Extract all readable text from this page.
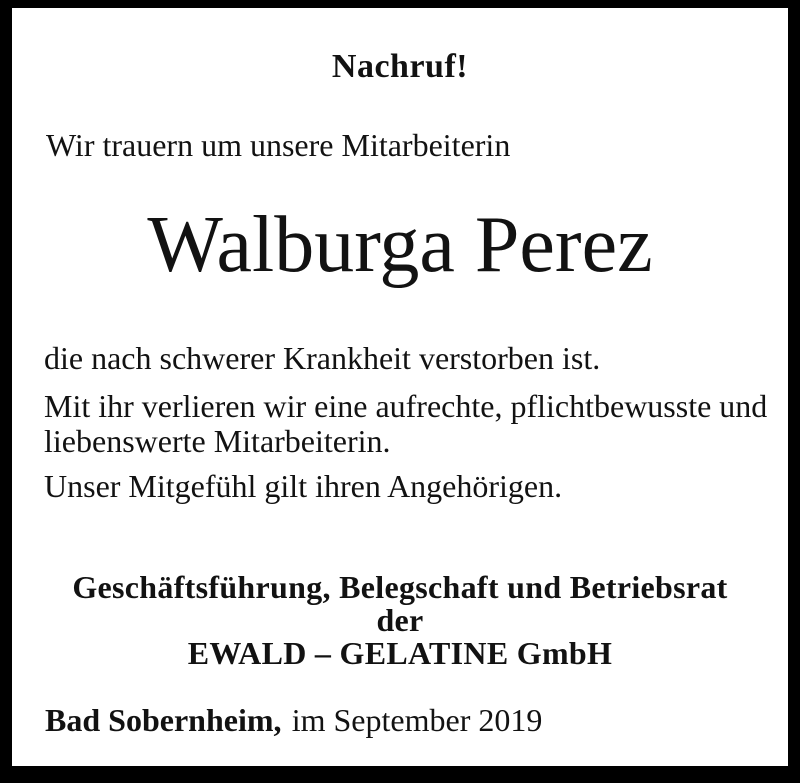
Nachruf!
Wir trauern um unsere Mitarbeiterin
Walburga Perez
die nach schwerer Krankheit verstorben ist.
Mit ihr verlieren wir eine aufrechte, pflichtbewusste und
liebenswerte Mitarbeiterin.
Unser Mitgefühl gilt ihren Angehörigen.
Geschäftsführung, Belegschaft und Betriebsrat
der
EWALD – GELATINE GmbH
Bad Sobernheim, im September 2019
